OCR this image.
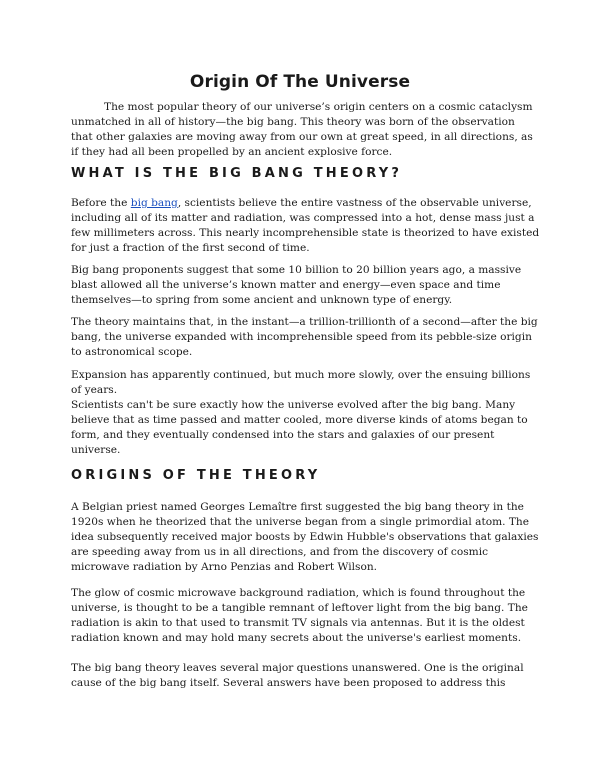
Origin Of The Universe

The most popular theory of our universe’s origin centers on a cosmic cataclysm
unmatched in all of history—the big bang. This theory was born of the observation
that other galaxies are moving away from our own at great speed, in all directions, as
if they had all been propelled by an ancient explosive force.

WHAT IS THE BIG BANG THEORY?

Before the big bang, scientists believe the entire vastness of the observable universe,
including all of its matter and radiation, was compressed into a hot, dense mass just a
few millimeters across. This nearly incomprehensible state is theorized to have existed
for just a fraction of the first second of time.

Big bang proponents suggest that some 10 billion to 20 billion years ago, a massive
blast allowed all the universe’s known matter and energy—even space and time
themselves—to spring from some ancient and unknown type of energy.

The theory maintains that, in the instant—a trillion-trillionth of a second—after the big
bang, the universe expanded with incomprehensible speed from its pebble-size origin
to astronomical scope.

Expansion has apparently continued, but much more slowly, over the ensuing billions
of years.
Scientists can't be sure exactly how the universe evolved after the big bang. Many
believe that as time passed and matter cooled, more diverse kinds of atoms began to
form, and they eventually condensed into the stars and galaxies of our present
universe.

ORIGINS OF THE THEORY

A Belgian priest named Georges Lemaître first suggested the big bang theory in the
1920s when he theorized that the universe began from a single primordial atom. The
idea subsequently received major boosts by Edwin Hubble's observations that galaxies
are speeding away from us in all directions, and from the discovery of cosmic
microwave radiation by Arno Penzias and Robert Wilson.

The glow of cosmic microwave background radiation, which is found throughout the
universe, is thought to be a tangible remnant of leftover light from the big bang. The
radiation is akin to that used to transmit TV signals via antennas. But it is the oldest
radiation known and may hold many secrets about the universe's earliest moments.

The big bang theory leaves several major questions unanswered. One is the original
cause of the big bang itself. Several answers have been proposed to address this
